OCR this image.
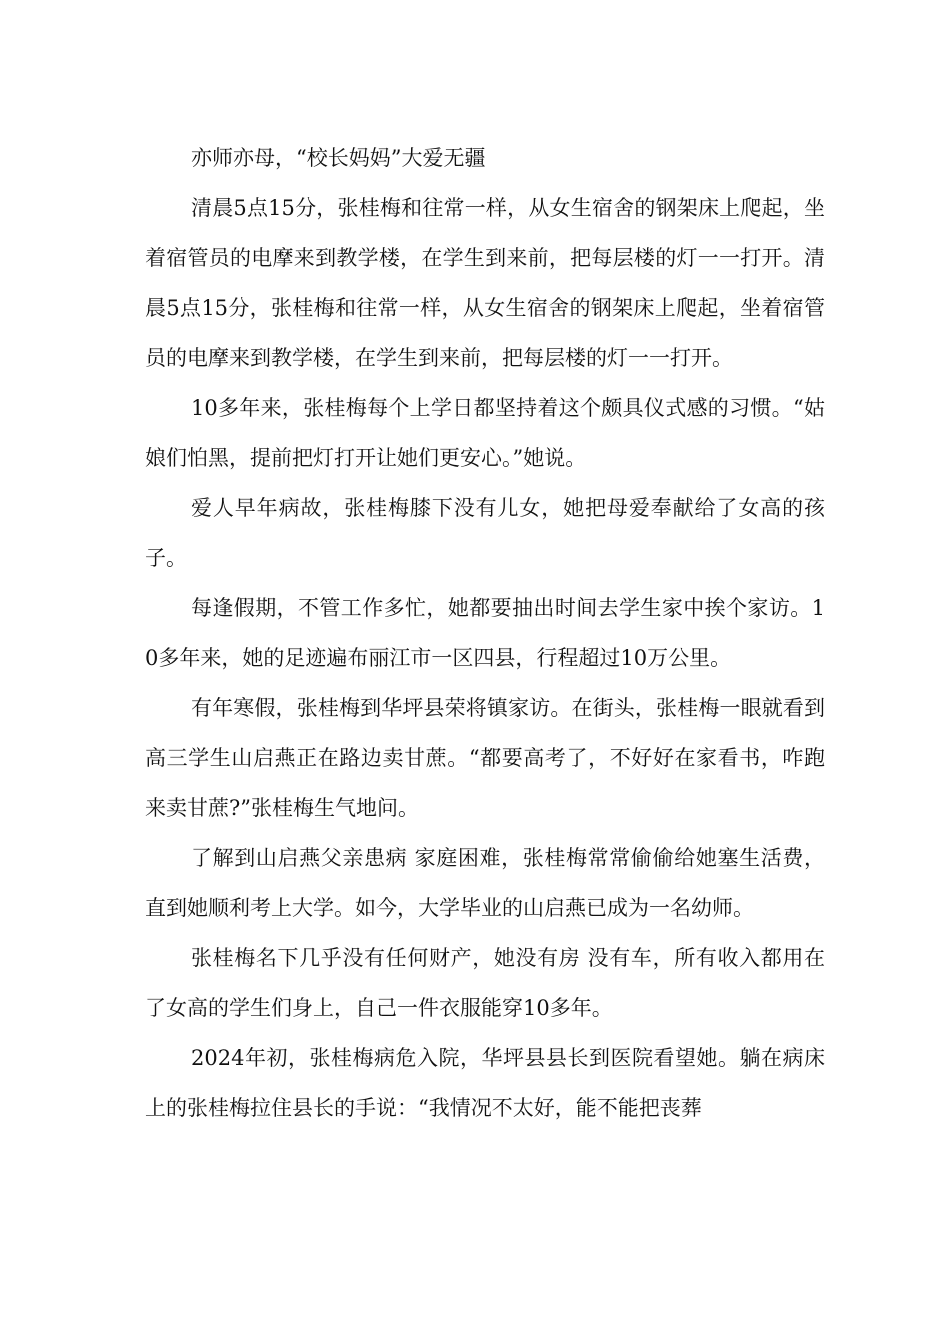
亦师亦母，“校长妈妈”大爱无疆

清晨5点15分，张桂梅和往常一样，从女生宿舍的钢架床上爬起，坐着宿管员的电摩来到教学楼，在学生到来前，把每层楼的灯一一打开。清晨5点15分，张桂梅和往常一样，从女生宿舍的钢架床上爬起，坐着宿管员的电摩来到教学楼，在学生到来前，把每层楼的灯一一打开。

10多年来，张桂梅每个上学日都坚持着这个颇具仪式感的习惯。“姑娘们怕黑，提前把灯打开让她们更安心。”她说。

爱人早年病故，张桂梅膝下没有儿女，她把母爱奉献给了女高的孩子。

每逢假期，不管工作多忙，她都要抽出时间去学生家中挨个家访。10多年来，她的足迹遍布丽江市一区四县，行程超过10万公里。

有年寒假，张桂梅到华坪县荣将镇家访。在街头，张桂梅一眼就看到高三学生山启燕正在路边卖甘蔗。“都要高考了，不好好在家看书，咋跑来卖甘蔗?”张桂梅生气地问。

了解到山启燕父亲患病 家庭困难，张桂梅常常偷偷给她塞生活费，直到她顺利考上大学。如今，大学毕业的山启燕已成为一名幼师。

张桂梅名下几乎没有任何财产，她没有房 没有车，所有收入都用在了女高的学生们身上，自己一件衣服能穿10多年。

2024年初，张桂梅病危入院，华坪县县长到医院看望她。躺在病床上的张桂梅拉住县长的手说：“我情况不太好，能不能把丧葬
